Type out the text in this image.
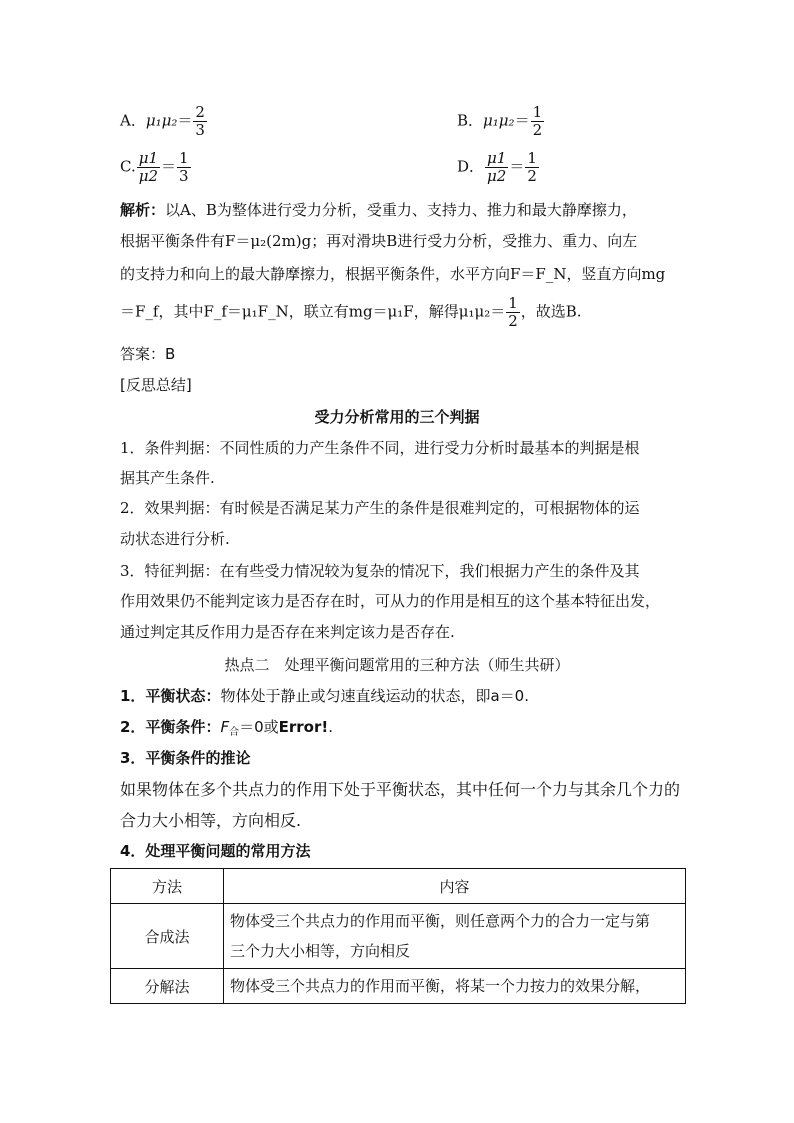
A．$\mu_1\mu_2= \frac{2}{3}$	B．$\mu_1\mu_2= \frac{1}{2}$
C. $\frac{\mu 1}{\mu 2} = \frac{1}{3}$	D． $\frac{\mu 1}{\mu 2} = \frac{1}{2}$
解析：以A、B为整体进行受力分析，受重力、支持力、推力和最大静摩擦力，
根据平衡条件有F＝μ₂(2m)g；再对滑块B进行受力分析，受推力、重力、向左
的支持力和向上的最大静摩擦力，根据平衡条件，水平方向F＝F_N，竖直方向mg
＝F_f，其中F_f＝μ₁F_N，联立有mg＝μ₁F，解得$\mu_1\mu_2= \frac{1}{2}$ ，故选B.
答案：B
[反思总结]
受力分析常用的三个判据
1．条件判据：不同性质的力产生条件不同，进行受力分析时最基本的判据是根
据其产生条件.
2．效果判据：有时候是否满足某力产生的条件是很难判定的，可根据物体的运
动状态进行分析.
3．特征判据：在有些受力情况较为复杂的情况下，我们根据力产生的条件及其
作用效果仍不能判定该力是否存在时，可从力的作用是相互的这个基本特征出发，
通过判定其反作用力是否存在来判定该力是否存在.
热点二　处理平衡问题常用的三种方法（师生共研）
1．平衡状态：物体处于静止或匀速直线运动的状态，即a＝0.
2．平衡条件：$F_合=0$或Error!.
3．平衡条件的推论
如果物体在多个共点力的作用下处于平衡状态，其中任何一个力与其余几个力的
合力大小相等，方向相反.
4．处理平衡问题的常用方法
方法	内容
合成法	物体受三个共点力的作用而平衡，则任意两个力的合力一定与第
三个力大小相等，方向相反

分解法	物体受三个共点力的作用而平衡，将某一个力按力的效果分解，
